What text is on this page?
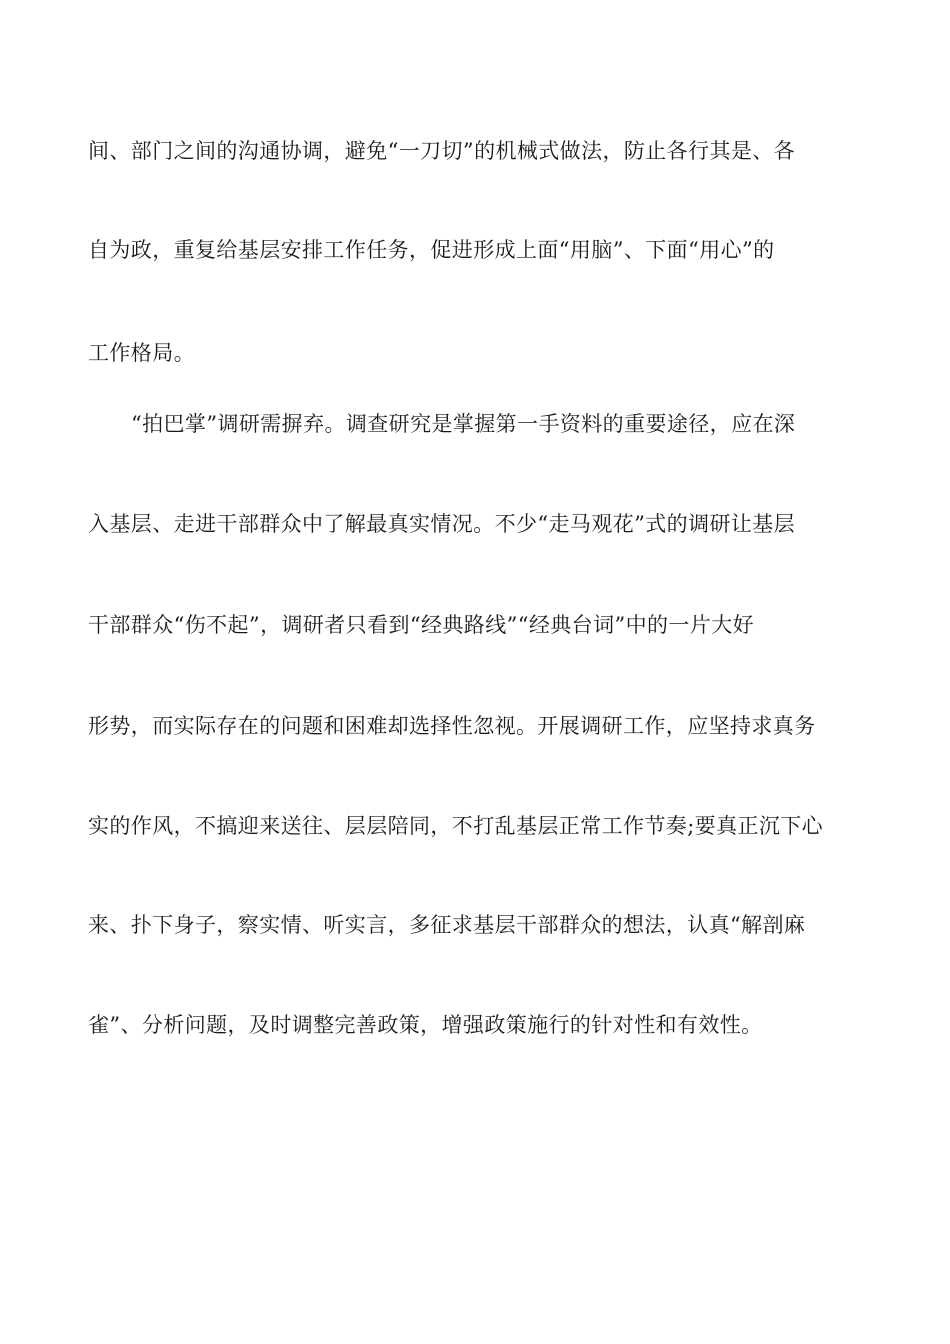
间、部门之间的沟通协调，避免“一刀切”的机械式做法，防止各行其是、各
自为政，重复给基层安排工作任务，促进形成上面“用脑”、下面“用心”的
工作格局。
“拍巴掌”调研需摒弃。调查研究是掌握第一手资料的重要途径，应在深
入基层、走进干部群众中了解最真实情况。不少“走马观花”式的调研让基层
干部群众“伤不起”，调研者只看到“经典路线”“经典台词”中的一片大好
形势，而实际存在的问题和困难却选择性忽视。开展调研工作，应坚持求真务
实的作风，不搞迎来送往、层层陪同，不打乱基层正常工作节奏;要真正沉下心
来、扑下身子，察实情、听实言，多征求基层干部群众的想法，认真“解剖麻
雀”、分析问题，及时调整完善政策，增强政策施行的针对性和有效性。
